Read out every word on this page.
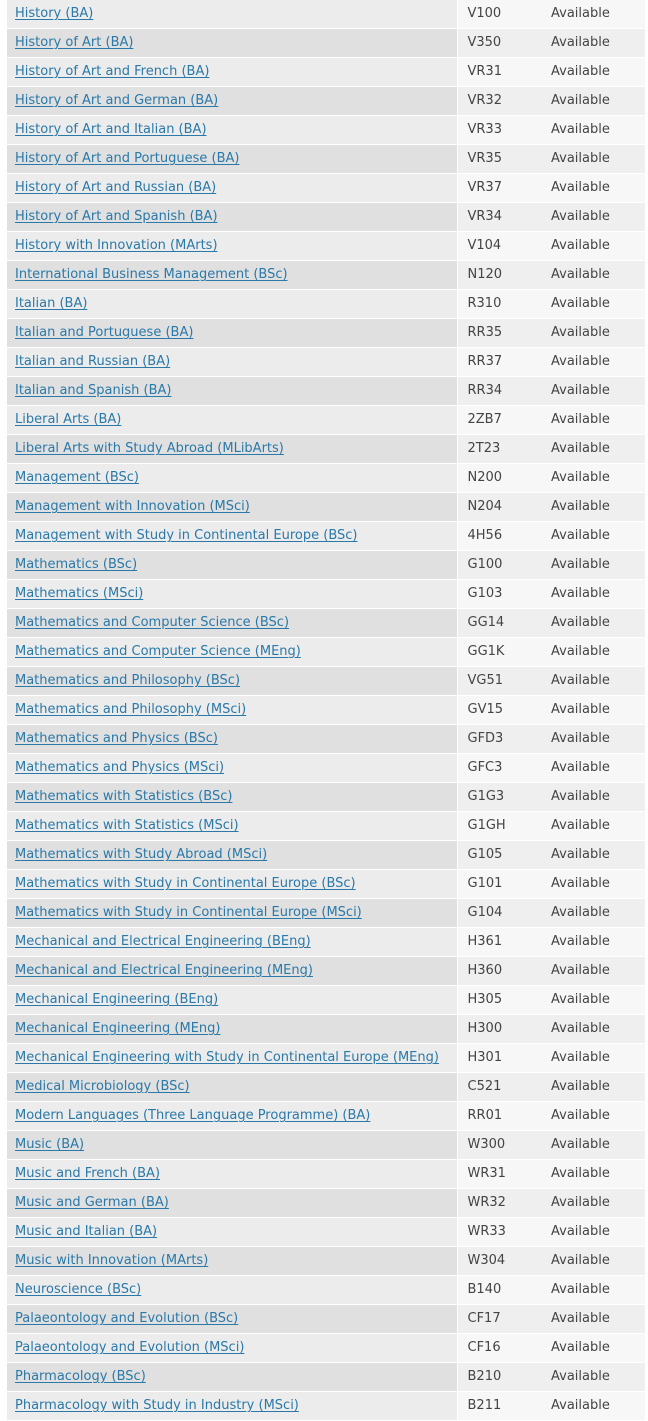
History (BA)	V100	Available
History of Art (BA)	V350	Available
History of Art and French (BA)	VR31	Available
History of Art and German (BA)	VR32	Available
History of Art and Italian (BA)	VR33	Available
History of Art and Portuguese (BA)	VR35	Available
History of Art and Russian (BA)	VR37	Available
History of Art and Spanish (BA)	VR34	Available
History with Innovation (MArts)	V104	Available
International Business Management (BSc)	N120	Available
Italian (BA)	R310	Available
Italian and Portuguese (BA)	RR35	Available
Italian and Russian (BA)	RR37	Available
Italian and Spanish (BA)	RR34	Available
Liberal Arts (BA)	2ZB7	Available
Liberal Arts with Study Abroad (MLibArts)	2T23	Available
Management (BSc)	N200	Available
Management with Innovation (MSci)	N204	Available
Management with Study in Continental Europe (BSc)	4H56	Available
Mathematics (BSc)	G100	Available
Mathematics (MSci)	G103	Available
Mathematics and Computer Science (BSc)	GG14	Available
Mathematics and Computer Science (MEng)	GG1K	Available
Mathematics and Philosophy (BSc)	VG51	Available
Mathematics and Philosophy (MSci)	GV15	Available
Mathematics and Physics (BSc)	GFD3	Available
Mathematics and Physics (MSci)	GFC3	Available
Mathematics with Statistics (BSc)	G1G3	Available
Mathematics with Statistics (MSci)	G1GH	Available
Mathematics with Study Abroad (MSci)	G105	Available
Mathematics with Study in Continental Europe (BSc)	G101	Available
Mathematics with Study in Continental Europe (MSci)	G104	Available
Mechanical and Electrical Engineering (BEng)	H361	Available
Mechanical and Electrical Engineering (MEng)	H360	Available
Mechanical Engineering (BEng)	H305	Available
Mechanical Engineering (MEng)	H300	Available
Mechanical Engineering with Study in Continental Europe (MEng)	H301	Available
Medical Microbiology (BSc)	C521	Available
Modern Languages (Three Language Programme) (BA)	RR01	Available
Music (BA)	W300	Available
Music and French (BA)	WR31	Available
Music and German (BA)	WR32	Available
Music and Italian (BA)	WR33	Available
Music with Innovation (MArts)	W304	Available
Neuroscience (BSc)	B140	Available
Palaeontology and Evolution (BSc)	CF17	Available
Palaeontology and Evolution (MSci)	CF16	Available
Pharmacology (BSc)	B210	Available
Pharmacology with Study in Industry (MSci)	B211	Available
